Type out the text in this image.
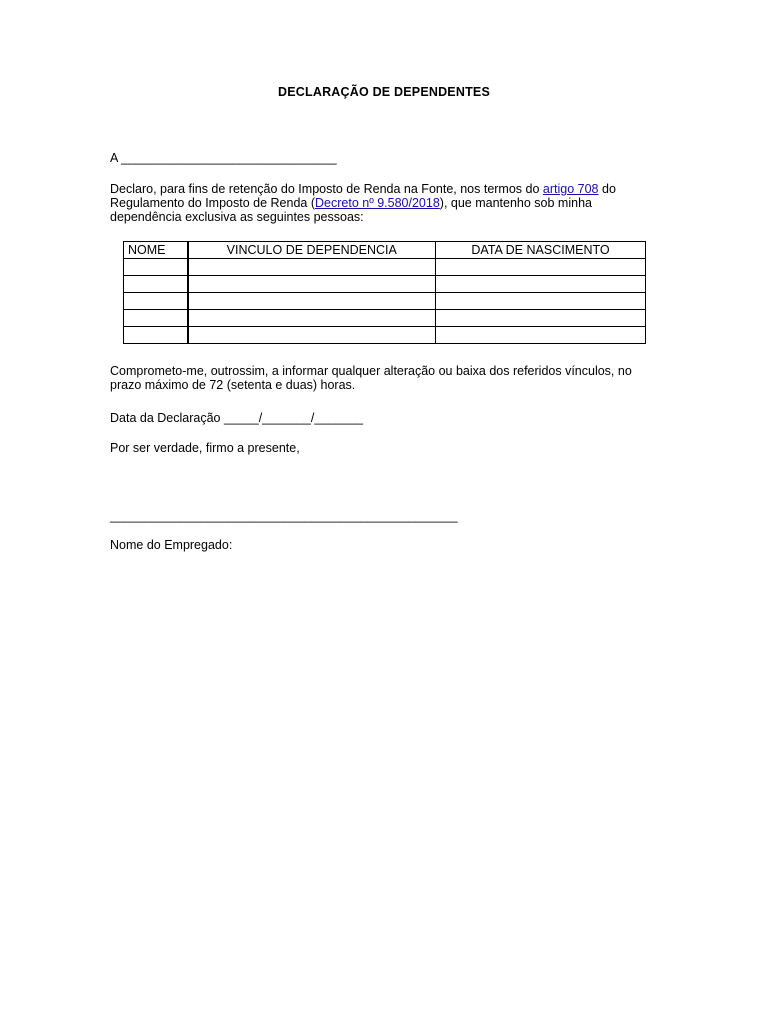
DECLARAÇÃO DE DEPENDENTES
A _______________________________
Declaro, para fins de retenção do Imposto de Renda na Fonte, nos termos do artigo 708 do Regulamento do Imposto de Renda (Decreto nº 9.580/2018), que mantenho sob minha dependência exclusiva as seguintes pessoas:
NOME	VINCULO DE DEPENDENCIA	DATA DE NASCIMENTO

Comprometo-me, outrossim, a informar qualquer alteração ou baixa dos referidos vínculos, no prazo máximo de 72 (setenta e duas) horas.
Data da Declaração _____/_______/_______
Por ser verdade, firmo a presente,
__________________________________________________
Nome do Empregado:
